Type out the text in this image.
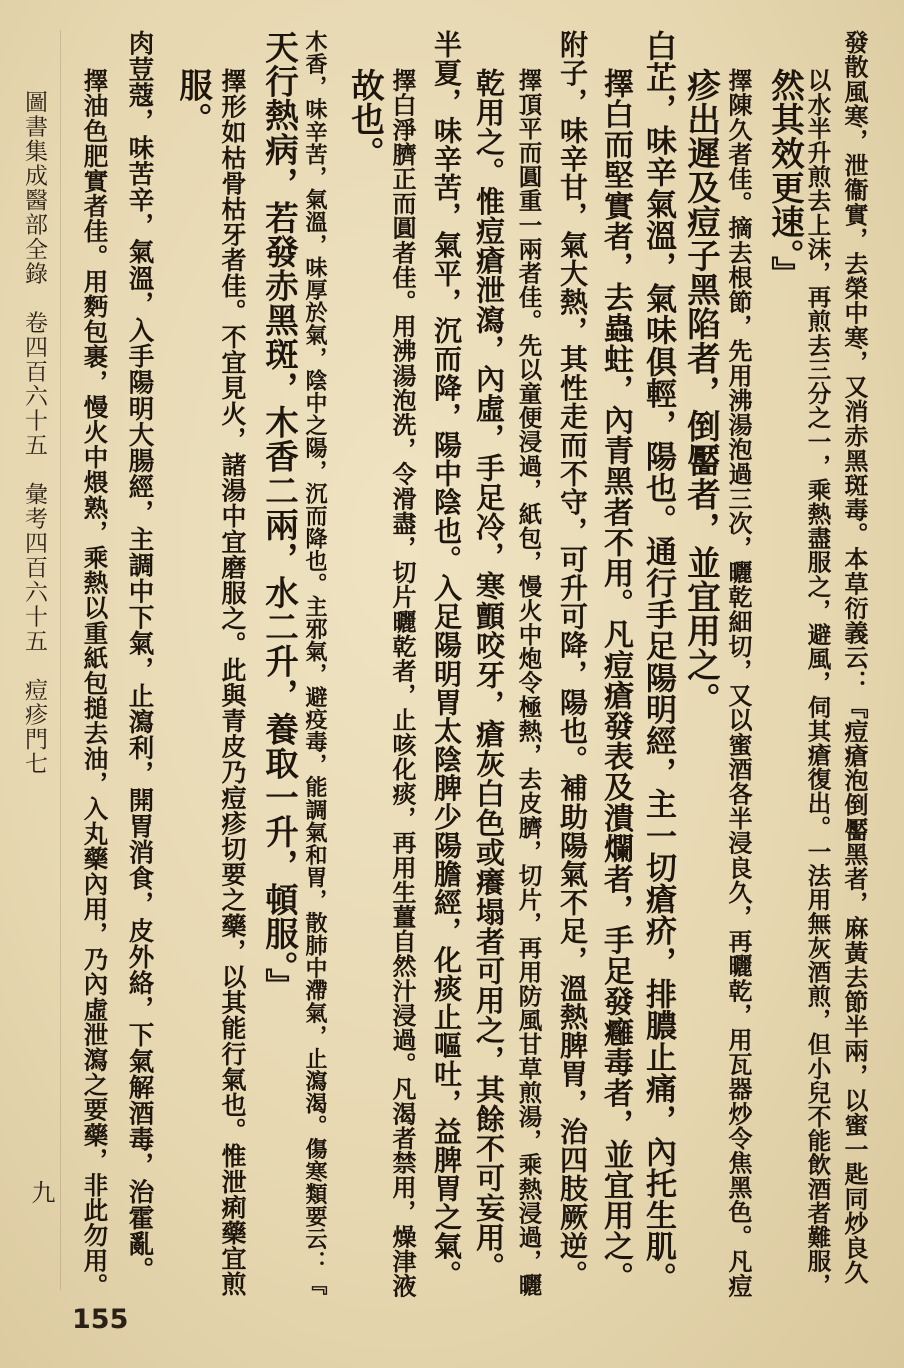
發散風寒，泄衞實，去榮中寒，又消赤黑斑毒。本草衍義云：『痘瘡泡倒靨黑者，麻黃去節半兩，以蜜一匙同炒良久
以水半升煎去上沫，再煎去三分之一，乘熱盡服之，避風，伺其瘡復出。一法用無灰酒煎，但小兒不能飲酒者難服，
然其效更速。』
擇陳久者佳。摘去根節，先用沸湯泡過三次，曬乾細切，又以蜜酒各半浸良久，再曬乾，用瓦器炒令焦黑色。凡痘
疹出遲及痘子黑陷者，倒靨者，並宜用之。
白芷，味辛氣溫，氣味俱輕，陽也。通行手足陽明經，主一切瘡疥，排膿止痛，內托生肌。
擇白而堅實者，去蟲蛀，內青黑者不用。凡痘瘡發表及潰爛者，手足發癰毒者，並宜用之。
附子，味辛甘，氣大熱，其性走而不守，可升可降，陽也。補助陽氣不足，溫熱脾胃，治四肢厥逆。
擇頂平而圓重一兩者佳。先以童便浸過，紙包，慢火中炮令極熱，去皮臍，切片，再用防風甘草煎湯，乘熱浸過，曬
乾用之。惟痘瘡泄瀉，內虛，手足冷，寒顫咬牙，瘡灰白色或癢塌者可用之，其餘不可妄用。
半夏，味辛苦，氣平，沉而降，陽中陰也。入足陽明胃太陰脾少陽膽經，化痰止嘔吐，益脾胃之氣。
擇白淨臍正而圓者佳。用沸湯泡洗，令滑盡，切片曬乾者，止咳化痰，再用生薑自然汁浸過。凡渴者禁用，燥津液
故也。
木香，味辛苦，氣溫，味厚於氣，陰中之陽，沉而降也。主邪氣，避疫毒，能調氣和胃，散肺中滯氣，止瀉渴。傷寒類要云：『
天行熱病，若發赤黑斑，木香二兩，水二升，養取一升，頓服。』
擇形如枯骨枯牙者佳。不宜見火，諸湯中宜磨服之。此與青皮乃痘疹切要之藥，以其能行氣也。惟泄痢藥宜煎
服。
肉荳蔻，味苦辛，氣溫，入手陽明大腸經，主調中下氣，止瀉利，開胃消食，皮外絡，下氣解酒毒，治霍亂。
擇油色肥實者佳。用麪包裹，慢火中煨熟，乘熱以重紙包搥去油，入丸藥內用，乃內虛泄瀉之要藥，非此勿用。
圖書集成醫部全錄　卷四百六十五　彙考四百六十五　痘疹門七
九
155
